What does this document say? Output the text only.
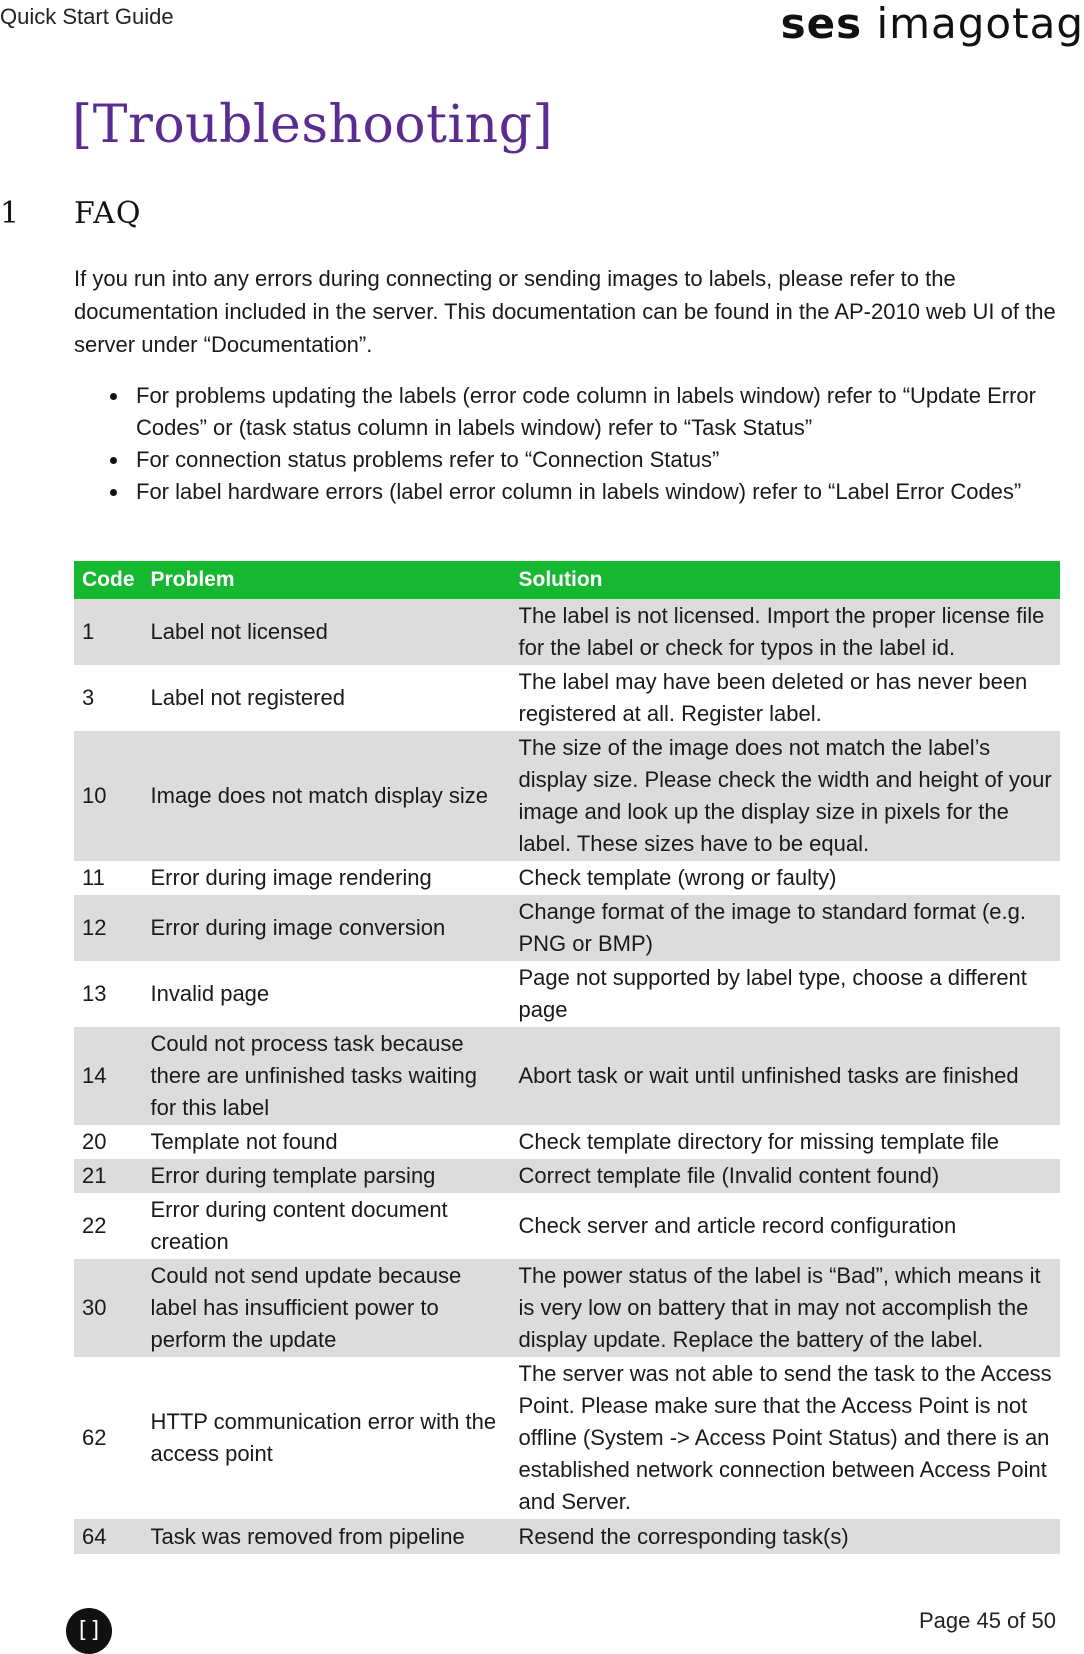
Quick Start Guide	ses imagotag
[Troubleshooting]
1 FAQ
If you run into any errors during connecting or sending images to labels, please refer to the documentation included in the server. This documentation can be found in the AP-2010 web UI of the server under “Documentation”.
For problems updating the labels (error code column in labels window) refer to “Update Error Codes” or (task status column in labels window) refer to “Task Status”
For connection status problems refer to “Connection Status”
For label hardware errors (label error column in labels window) refer to “Label Error Codes”
Code	Problem	Solution
1	Label not licensed	The label is not licensed. Import the proper license file for the label or check for typos in the label id.
3	Label not registered	The label may have been deleted or has never been registered at all. Register label.
10	Image does not match display size	The size of the image does not match the label’s display size. Please check the width and height of your image and look up the display size in pixels for the label. These sizes have to be equal.
11	Error during image rendering	Check template (wrong or faulty)
12	Error during image conversion	Change format of the image to standard format (e.g. PNG or BMP)
13	Invalid page	Page not supported by label type, choose a different page
14	Could not process task because there are unfinished tasks waiting for this label	Abort task or wait until unfinished tasks are finished
20	Template not found	Check template directory for missing template file
21	Error during template parsing	Correct template file (Invalid content found)
22	Error during content document creation	Check server and article record configuration
30	Could not send update because label has insufficient power to perform the update	The power status of the label is “Bad”, which means it is very low on battery that in may not accomplish the display update. Replace the battery of the label.
62	HTTP communication error with the access point	The server was not able to send the task to the Access Point. Please make sure that the Access Point is not offline (System -> Access Point Status) and there is an established network connection between Access Point and Server.
64	Task was removed from pipeline	Resend the corresponding task(s)
[]	Page 45 of 50
